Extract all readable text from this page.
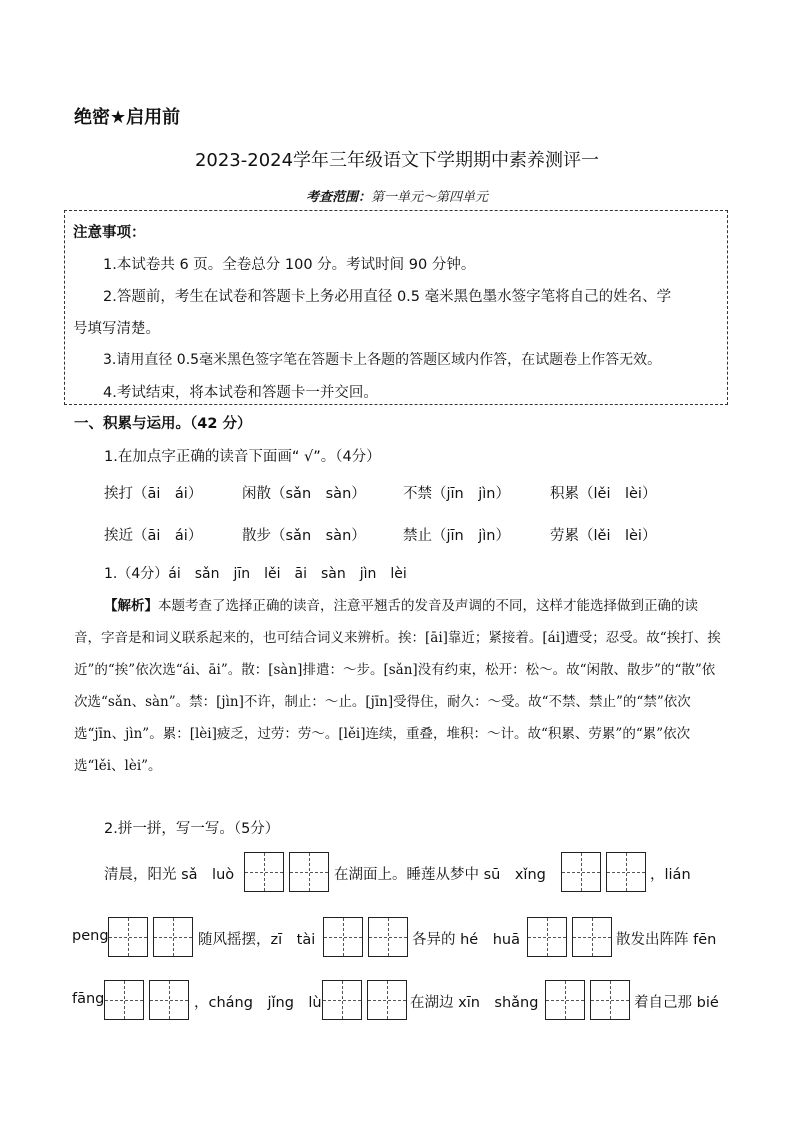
绝密★启用前
2023-2024学年三年级语文下学期期中素养测评一
考查范围：第一单元～第四单元
注意事项：
1.本试卷共 6 页。全卷总分 100 分。考试时间 90 分钟。
2.答题前，考生在试卷和答题卡上务必用直径 0.5 毫米黑色墨水签字笔将自己的姓名、学
号填写清楚。
3.请用直径 0.5毫米黑色签字笔在答题卡上各题的答题区域内作答，在试题卷上作答无效。
4.考试结束，将本试卷和答题卡一并交回。
一、积累与运用。（42 分）
1.在加点字正确的读音下面画“ √”。（4分）
挨打（āi　ái）	闲散（sǎn　sàn）	不禁（jīn　jìn）	积累（lěi　lèi）
挨近（āi　ái）	散步（sǎn　sàn）	禁止（jīn　jìn）	劳累（lěi　lèi）
1.（4分）ái　sǎn　jīn　lěi　āi　sàn　jìn　lèi
【解析】本题考查了选择正确的读音，注意平翘舌的发音及声调的不同，这样才能选择做到正确的读音，字音是和词义联系起来的，也可结合词义来辨析。挨：[āi]靠近；紧接着。[ái]遭受；忍受。故“挨打、挨近”的“挨”依次选“ái、āi”。散：[sàn]排遣：～步。[sǎn]没有约束，松开：松～。故“闲散、散步”的“散”依次选“sǎn、sàn”。禁：[jìn]不许，制止：～止。[jīn]受得住，耐久：～受。故“不禁、禁止”的“禁”依次选“jīn、jìn”。累：[lèi]疲乏，过劳：劳～。[lěi]连续，重叠，堆积：～计。故“积累、劳累”的“累”依次选“lěi、lèi”。
2.拼一拼，写一写。（5分）
清晨，阳光 sǎ　luò	在湖面上。睡莲从梦中 sū　xǐng	，lián
peng	随风摇摆，zī　tài	各异的 hé　huā	散发出阵阵 fēn
fāng	，cháng　jǐng　lù	在湖边 xīn　shǎng	着自己那 bié
